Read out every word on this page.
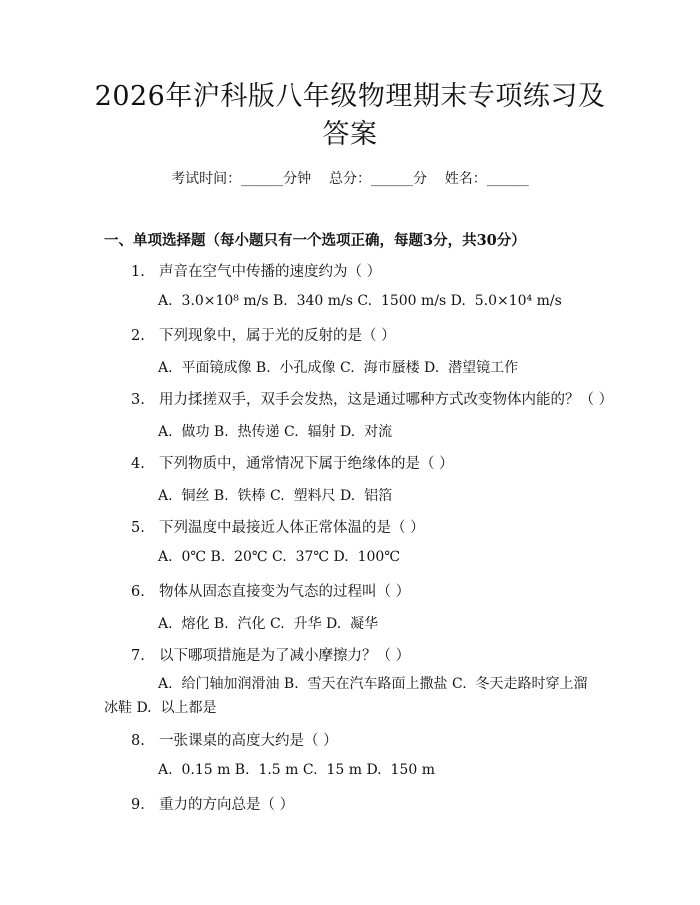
2026年沪科版八年级物理期末专项练习及答案
考试时间：______分钟    总分：______分    姓名：______
一、单项选择题（每小题只有一个选项正确，每题3分，共30分）
1. 声音在空气中传播的速度约为（ ）
A.  3.0×10⁸ m/s B.  340 m/s C.  1500 m/s D.  5.0×10⁴ m/s
2. 下列现象中，属于光的反射的是（ ）
A.  平面镜成像 B.  小孔成像 C.  海市蜃楼 D.  潜望镜工作
3. 用力揉搓双手，双手会发热，这是通过哪种方式改变物体内能的？（ ）
A.  做功 B.  热传递 C.  辐射 D.  对流
4. 下列物质中，通常情况下属于绝缘体的是（ ）
A.  铜丝 B.  铁棒 C.  塑料尺 D.  铝箔
5. 下列温度中最接近人体正常体温的是（ ）
A.  0℃ B.  20℃ C.  37℃ D.  100℃
6. 物体从固态直接变为气态的过程叫（ ）
A.  熔化 B.  汽化 C.  升华 D.  凝华
7. 以下哪项措施是为了减小摩擦力？（ ）
A.  给门轴加润滑油 B.  雪天在汽车路面上撒盐 C.  冬天走路时穿上溜冰鞋 D.  以上都是
8. 一张课桌的高度大约是（ ）
A.  0.15 m B.  1.5 m C.  15 m D.  150 m
9. 重力的方向总是（ ）
